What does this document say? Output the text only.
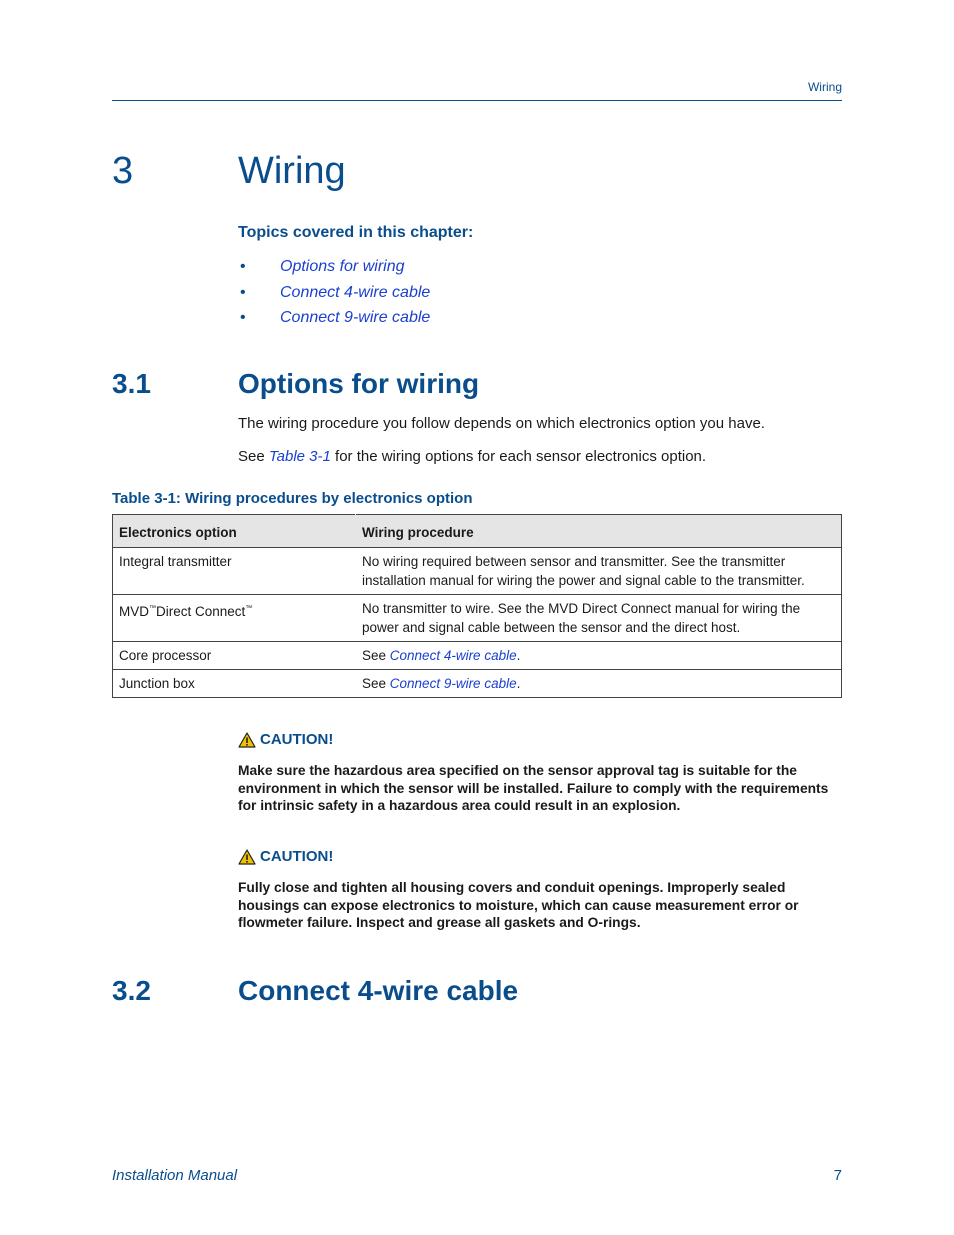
Wiring
3	Wiring
Topics covered in this chapter:
• Options for wiring
• Connect 4-wire cable
• Connect 9-wire cable
3.1	Options for wiring
The wiring procedure you follow depends on which electronics option you have.
See Table 3-1 for the wiring options for each sensor electronics option.
Table 3-1: Wiring procedures by electronics option
Electronics option	Wiring procedure
Integral transmitter	No wiring required between sensor and transmitter. See the transmitter installation manual for wiring the power and signal cable to the transmitter.
MVD™Direct Connect™	No transmitter to wire. See the MVD Direct Connect manual for wiring the power and signal cable between the sensor and the direct host.
Core processor	See Connect 4-wire cable.
Junction box	See Connect 9-wire cable.
CAUTION!
Make sure the hazardous area specified on the sensor approval tag is suitable for the environment in which the sensor will be installed. Failure to comply with the requirements for intrinsic safety in a hazardous area could result in an explosion.
CAUTION!
Fully close and tighten all housing covers and conduit openings. Improperly sealed housings can expose electronics to moisture, which can cause measurement error or flowmeter failure. Inspect and grease all gaskets and O-rings.
3.2	Connect 4-wire cable
Installation Manual	7
